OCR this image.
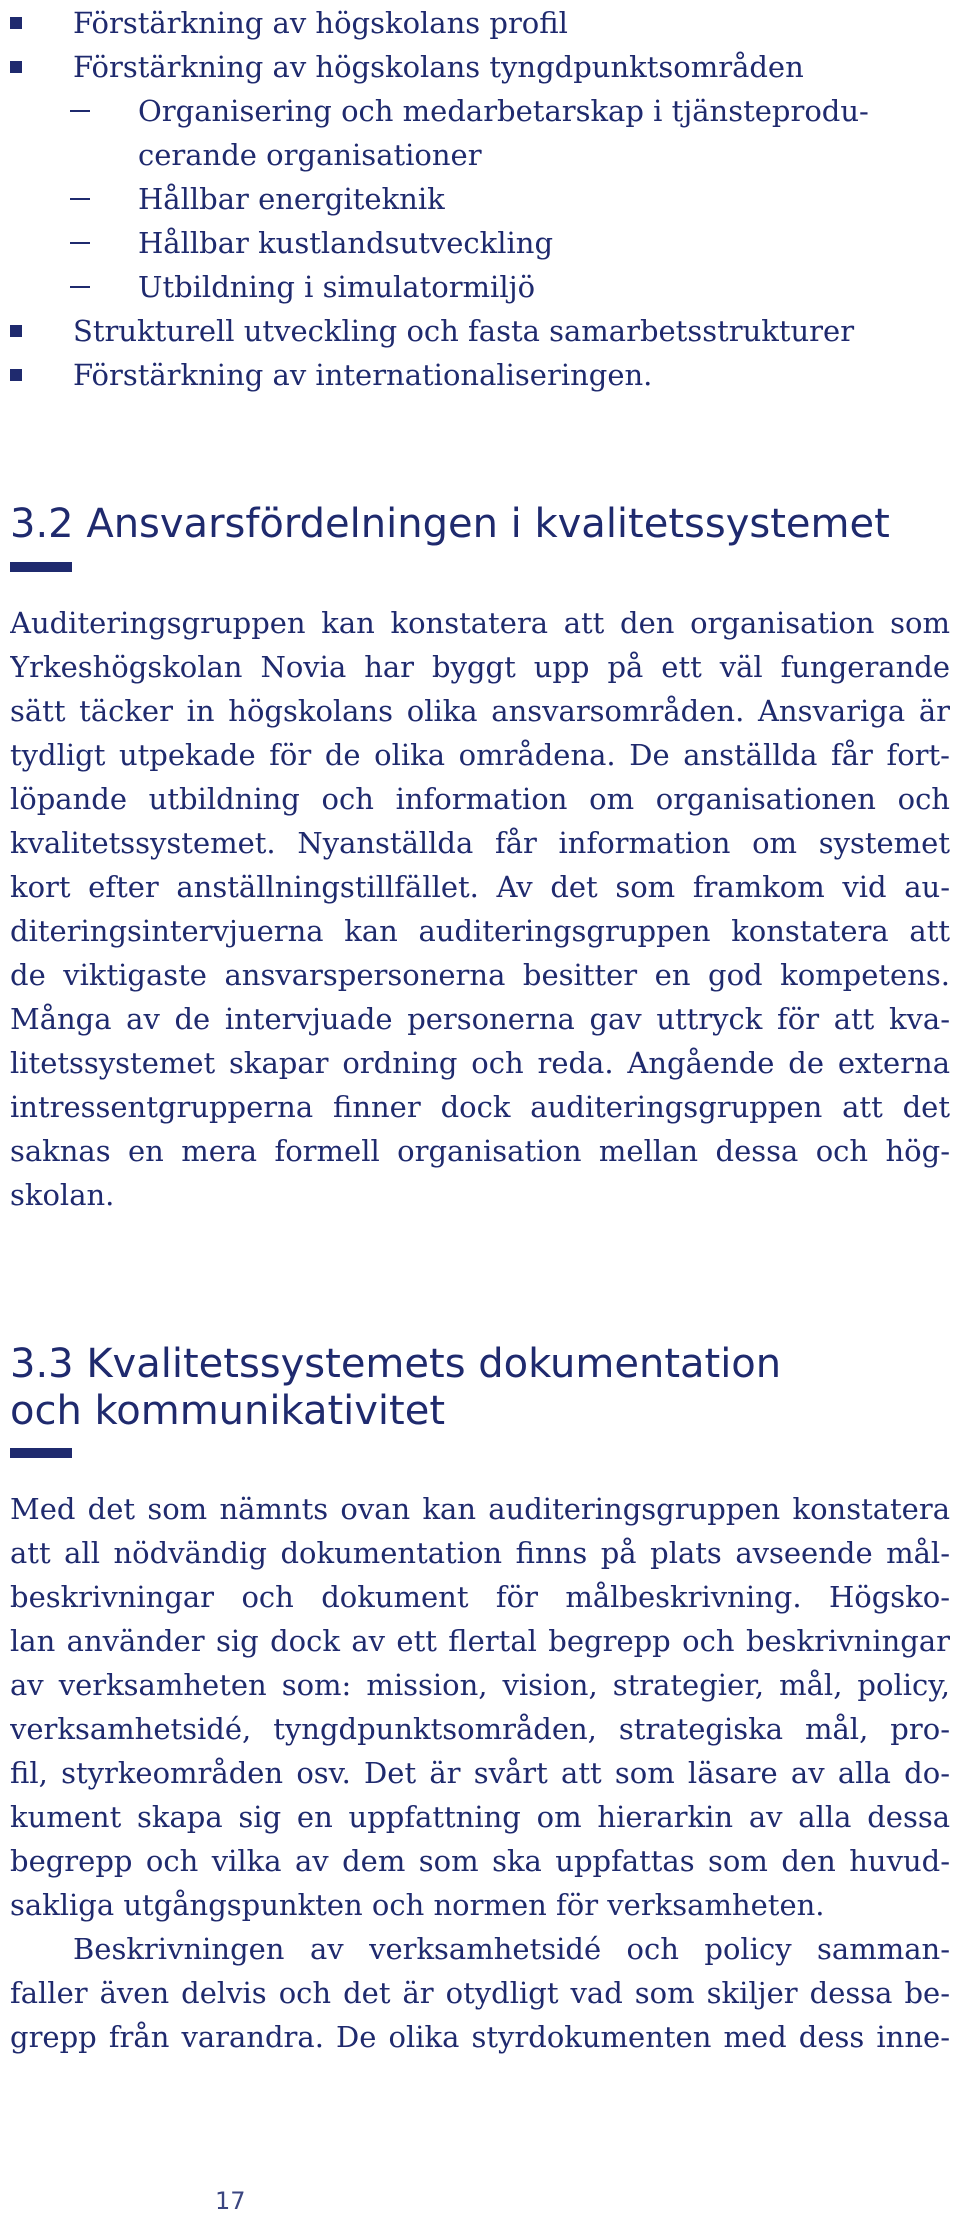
Förstärkning av högskolans profil
Förstärkning av högskolans tyngdpunktsområden
Organisering och medarbetarskap i tjänsteprodu-
cerande organisationer
Hållbar energiteknik
Hållbar kustlandsutveckling
Utbildning i simulatormiljö
Strukturell utveckling och fasta samarbetsstrukturer
Förstärkning av internationaliseringen.
3.2 Ansvarsfördelningen i kvalitetssystemet
Auditeringsgruppen kan konstatera att den organisation som
Yrkeshögskolan Novia har byggt upp på ett väl fungerande
sätt täcker in högskolans olika ansvarsområden. Ansvariga är
tydligt utpekade för de olika områdena. De anställda får fort-
löpande utbildning och information om organisationen och
kvalitetssystemet. Nyanställda får information om systemet
kort efter anställningstillfället. Av det som framkom vid au-
diteringsintervjuerna kan auditeringsgruppen konstatera att
de viktigaste ansvarspersonerna besitter en god kompetens.
Många av de intervjuade personerna gav uttryck för att kva-
litetssystemet skapar ordning och reda. Angående de externa
intressentgrupperna finner dock auditeringsgruppen att det
saknas en mera formell organisation mellan dessa och hög-
skolan.
3.3 Kvalitetssystemets dokumentation
och kommunikativitet
Med det som nämnts ovan kan auditeringsgruppen konstatera
att all nödvändig dokumentation finns på plats avseende mål-
beskrivningar och dokument för målbeskrivning. Högsko-
lan använder sig dock av ett flertal begrepp och beskrivningar
av verksamheten som: mission, vision, strategier, mål, policy,
verksamhetsidé, tyngdpunktsområden, strategiska mål, pro-
fil, styrkeområden osv. Det är svårt att som läsare av alla do-
kument skapa sig en uppfattning om hierarkin av alla dessa
begrepp och vilka av dem som ska uppfattas som den huvud-
sakliga utgångspunkten och normen för verksamheten.
Beskrivningen av verksamhetsidé och policy samman-
faller även delvis och det är otydligt vad som skiljer dessa be-
grepp från varandra. De olika styrdokumenten med dess inne-
17
